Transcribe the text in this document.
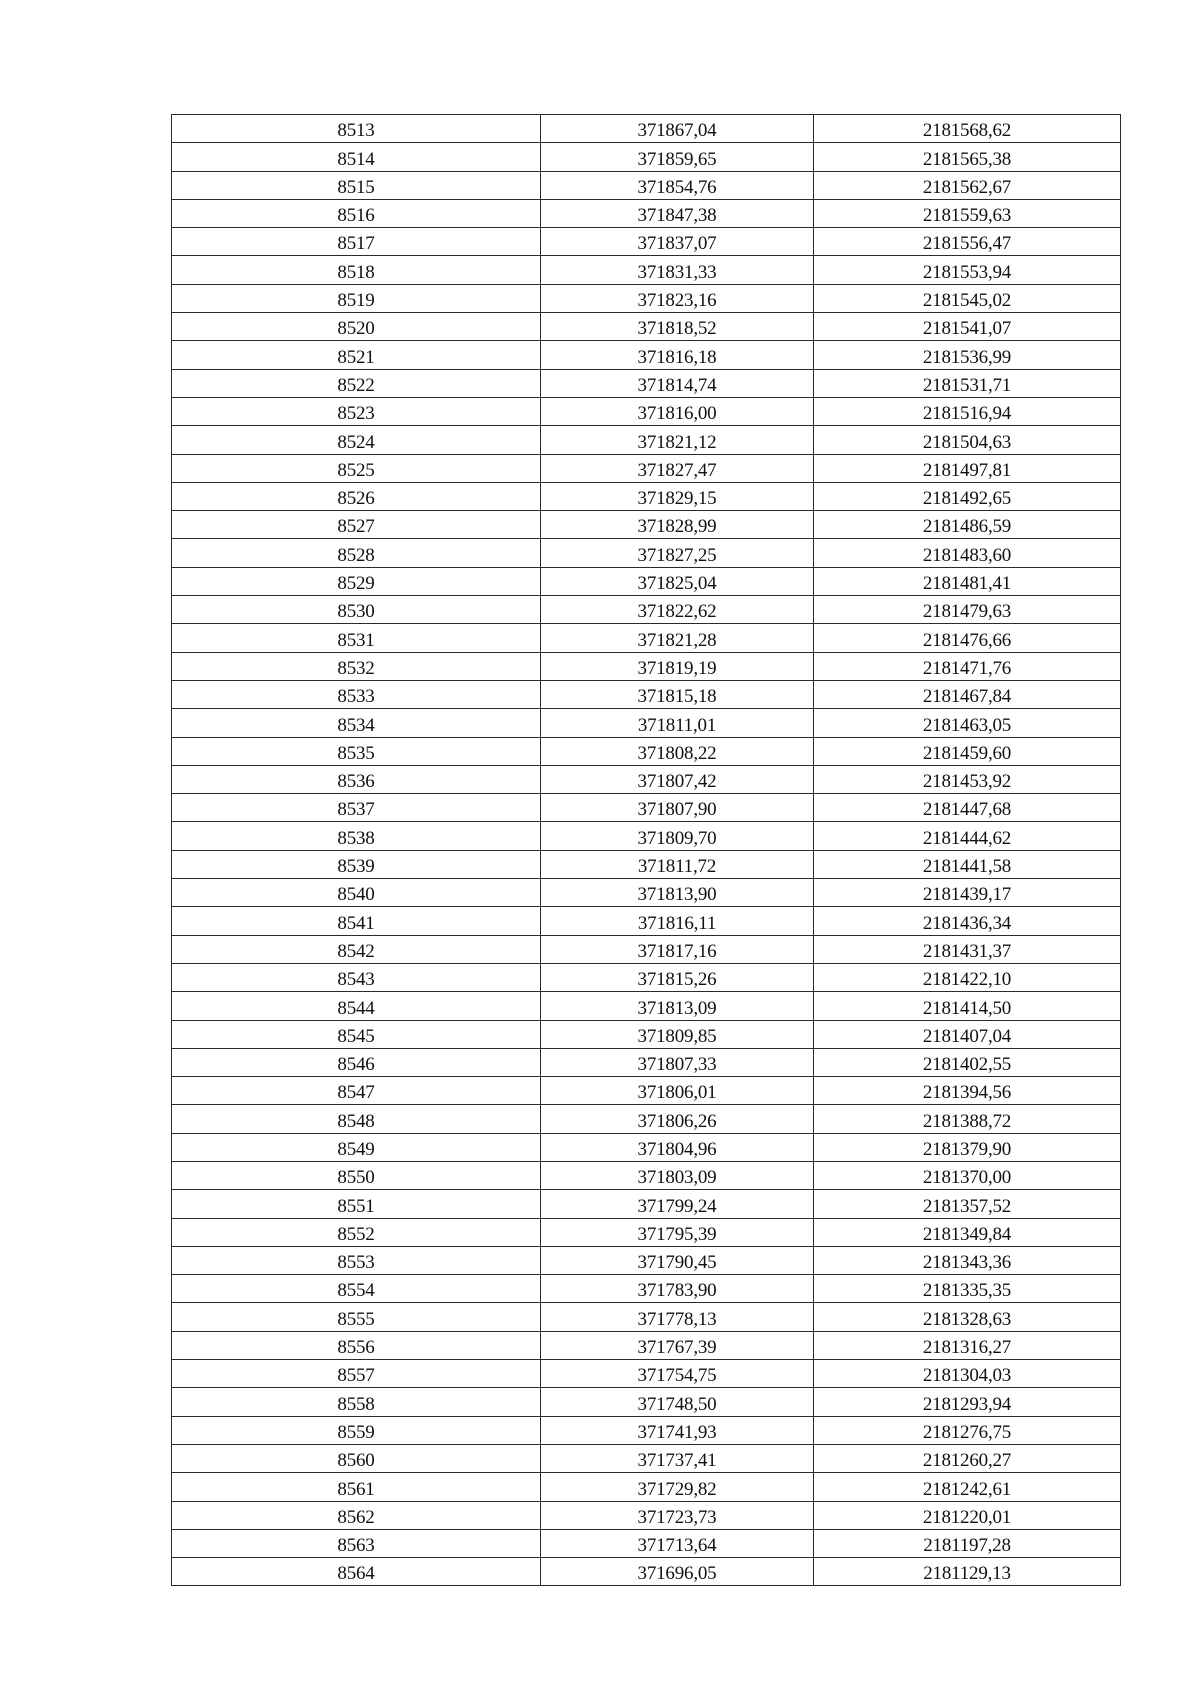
8513	371867,04	2181568,62
8514	371859,65	2181565,38
8515	371854,76	2181562,67
8516	371847,38	2181559,63
8517	371837,07	2181556,47
8518	371831,33	2181553,94
8519	371823,16	2181545,02
8520	371818,52	2181541,07
8521	371816,18	2181536,99
8522	371814,74	2181531,71
8523	371816,00	2181516,94
8524	371821,12	2181504,63
8525	371827,47	2181497,81
8526	371829,15	2181492,65
8527	371828,99	2181486,59
8528	371827,25	2181483,60
8529	371825,04	2181481,41
8530	371822,62	2181479,63
8531	371821,28	2181476,66
8532	371819,19	2181471,76
8533	371815,18	2181467,84
8534	371811,01	2181463,05
8535	371808,22	2181459,60
8536	371807,42	2181453,92
8537	371807,90	2181447,68
8538	371809,70	2181444,62
8539	371811,72	2181441,58
8540	371813,90	2181439,17
8541	371816,11	2181436,34
8542	371817,16	2181431,37
8543	371815,26	2181422,10
8544	371813,09	2181414,50
8545	371809,85	2181407,04
8546	371807,33	2181402,55
8547	371806,01	2181394,56
8548	371806,26	2181388,72
8549	371804,96	2181379,90
8550	371803,09	2181370,00
8551	371799,24	2181357,52
8552	371795,39	2181349,84
8553	371790,45	2181343,36
8554	371783,90	2181335,35
8555	371778,13	2181328,63
8556	371767,39	2181316,27
8557	371754,75	2181304,03
8558	371748,50	2181293,94
8559	371741,93	2181276,75
8560	371737,41	2181260,27
8561	371729,82	2181242,61
8562	371723,73	2181220,01
8563	371713,64	2181197,28
8564	371696,05	2181129,13
